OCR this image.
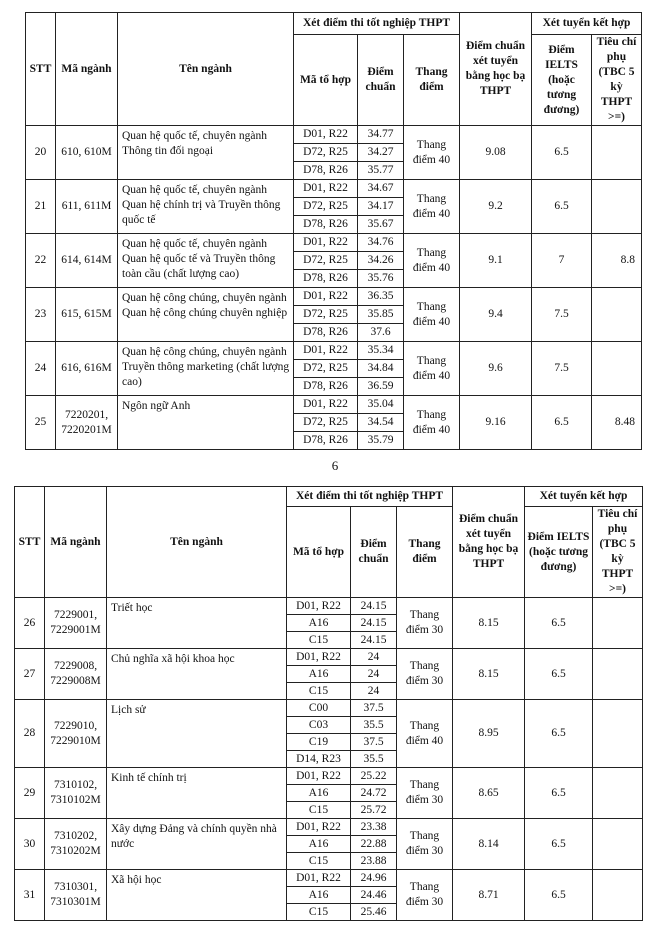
STT	Mã ngành	Tên ngành	Xét điểm thi tốt nghiệp THPT			Điểm chuẩn xét tuyển bằng học bạ THPT	Xét tuyển kết hợp	
			Mã tổ hợp	Điểm chuẩn	Thang điểm		Điểm IELTS (hoặc tương đương)	Tiêu chí phụ (TBC 5 kỳ THPT >=)
20	610, 610M	Quan hệ quốc tế, chuyên ngành Thông tin đối ngoại	D01, R22	34.77	Thang điểm 40	9.08	6.5	
			D72, R25	34.27				
			D78, R26	35.77				
21	611, 611M	Quan hệ quốc tế, chuyên ngành Quan hệ chính trị và Truyền thông quốc tế	D01, R22	34.67	Thang điểm 40	9.2	6.5	
			D72, R25	34.17				
			D78, R26	35.67				
22	614, 614M	Quan hệ quốc tế, chuyên ngành Quan hệ quốc tế và Truyền thông toàn cầu (chất lượng cao)	D01, R22	34.76	Thang điểm 40	9.1	7	8.8
			D72, R25	34.26				
			D78, R26	35.76				
23	615, 615M	Quan hệ công chúng, chuyên ngành Quan hệ công chúng chuyên nghiệp	D01, R22	36.35	Thang điểm 40	9.4	7.5	
			D72, R25	35.85				
			D78, R26	37.6				
24	616, 616M	Quan hệ công chúng, chuyên ngành Truyền thông marketing (chất lượng cao)	D01, R22	35.34	Thang điểm 40	9.6	7.5	
			D72, R25	34.84				
			D78, R26	36.59				
25	7220201, 7220201M	Ngôn ngữ Anh	D01, R22	35.04	Thang điểm 40	9.16	6.5	8.48
			D72, R25	34.54				
			D78, R26	35.79				
6
STT	Mã ngành	Tên ngành	Xét điểm thi tốt nghiệp THPT			Điểm chuẩn xét tuyển bằng học bạ THPT	Xét tuyển kết hợp	
			Mã tổ hợp	Điểm chuẩn	Thang điểm		Điểm IELTS (hoặc tương đương)	Tiêu chí phụ (TBC 5 kỳ THPT >=)
26	7229001, 7229001M	Triết học	D01, R22	24.15	Thang điểm 30	8.15	6.5	
			A16	24.15				
			C15	24.15				
27	7229008, 7229008M	Chủ nghĩa xã hội khoa học	D01, R22	24	Thang điểm 30	8.15	6.5	
			A16	24				
			C15	24				
28	7229010, 7229010M	Lịch sử	C00	37.5	Thang điểm 40	8.95	6.5	
			C03	35.5				
			C19	37.5				
			D14, R23	35.5				
29	7310102, 7310102M	Kinh tế chính trị	D01, R22	25.22	Thang điểm 30	8.65	6.5	
			A16	24.72				
			C15	25.72				
30	7310202, 7310202M	Xây dựng Đảng và chính quyền nhà nước	D01, R22	23.38	Thang điểm 30	8.14	6.5	
			A16	22.88				
			C15	23.88				
31	7310301, 7310301M	Xã hội học	D01, R22	24.96	Thang điểm 30	8.71	6.5	
			A16	24.46				
			C15	25.46				
